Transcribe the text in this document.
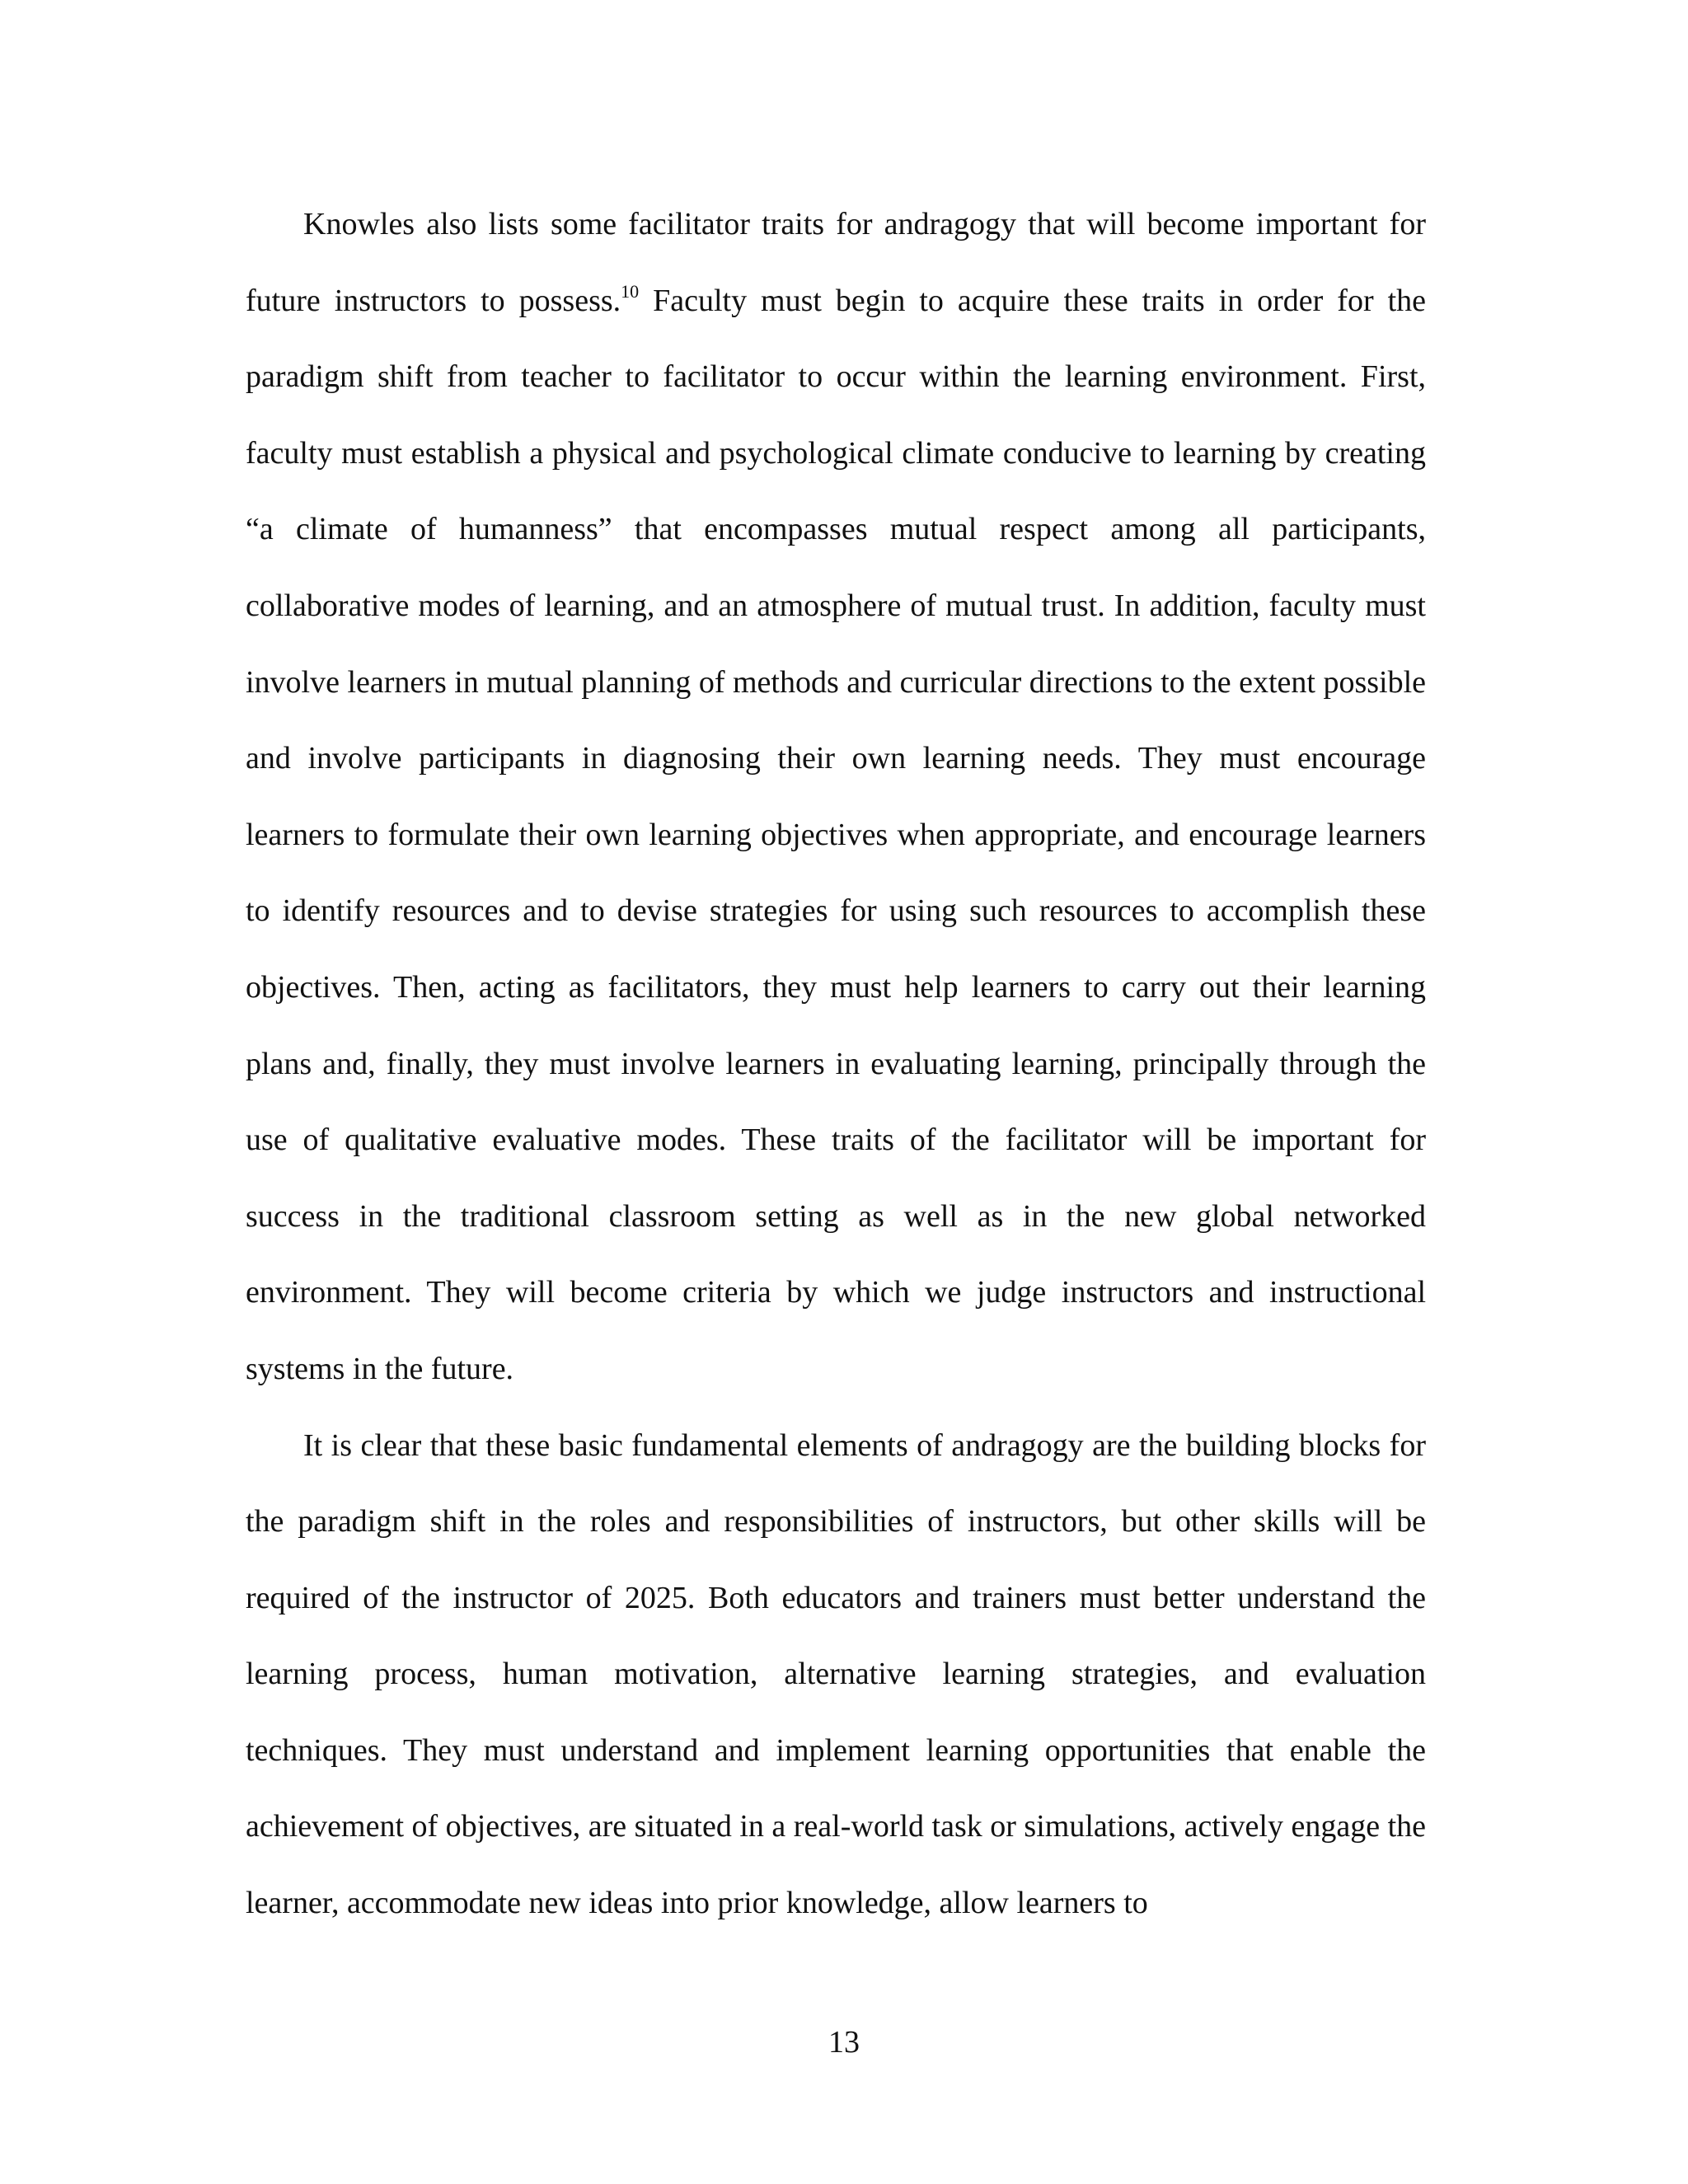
Knowles also lists some facilitator traits for andragogy that will become important for future instructors to possess.$^{10}$ Faculty must begin to acquire these traits in order for the paradigm shift from teacher to facilitator to occur within the learning environment. First, faculty must establish a physical and psychological climate conducive to learning by creating “a climate of humanness” that encompasses mutual respect among all participants, collaborative modes of learning, and an atmosphere of mutual trust. In addition, faculty must involve learners in mutual planning of methods and curricular directions to the extent possible and involve participants in diagnosing their own learning needs. They must encourage learners to formulate their own learning objectives when appropriate, and encourage learners to identify resources and to devise strategies for using such resources to accomplish these objectives. Then, acting as facilitators, they must help learners to carry out their learning plans and, finally, they must involve learners in evaluating learning, principally through the use of qualitative evaluative modes. These traits of the facilitator will be important for success in the traditional classroom setting as well as in the new global networked environment. They will become criteria by which we judge instructors and instructional systems in the future.

It is clear that these basic fundamental elements of andragogy are the building blocks for the paradigm shift in the roles and responsibilities of instructors, but other skills will be required of the instructor of 2025. Both educators and trainers must better understand the learning process, human motivation, alternative learning strategies, and evaluation techniques. They must understand and implement learning opportunities that enable the achievement of objectives, are situated in a real-world task or simulations, actively engage the learner, accommodate new ideas into prior knowledge, allow learners to

13
